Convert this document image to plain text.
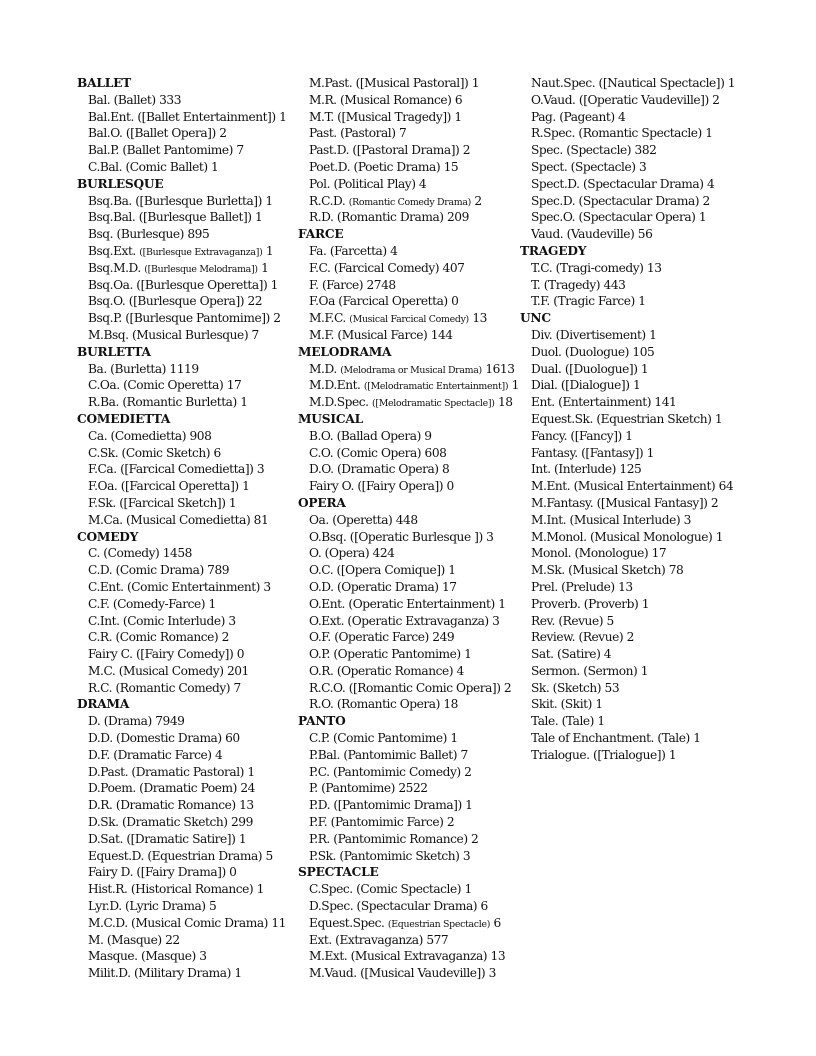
BALLET
Bal. (Ballet) 333
Bal.Ent. ([Ballet Entertainment]) 1
Bal.O. ([Ballet Opera]) 2
Bal.P. (Ballet Pantomime) 7
C.Bal. (Comic Ballet) 1
BURLESQUE
Bsq.Ba. ([Burlesque Burletta]) 1
Bsq.Bal. ([Burlesque Ballet]) 1
Bsq. (Burlesque) 895
Bsq.Ext. ([Burlesque Extravaganza]) 1
Bsq.M.D. ([Burlesque Melodrama]) 1
Bsq.Oa. ([Burlesque Operetta]) 1
Bsq.O. ([Burlesque Opera]) 22
Bsq.P. ([Burlesque Pantomime]) 2
M.Bsq. (Musical Burlesque) 7
BURLETTA
Ba. (Burletta) 1119
C.Oa. (Comic Operetta) 17
R.Ba. (Romantic Burletta) 1
COMEDIETTA
Ca. (Comedietta) 908
C.Sk. (Comic Sketch) 6
F.Ca. ([Farcical Comedietta]) 3
F.Oa. ([Farcical Operetta]) 1
F.Sk. ([Farcical Sketch]) 1
M.Ca. (Musical Comedietta) 81
COMEDY
C. (Comedy) 1458
C.D. (Comic Drama) 789
C.Ent. (Comic Entertainment) 3
C.F. (Comedy-Farce) 1
C.Int. (Comic Interlude) 3
C.R. (Comic Romance) 2
Fairy C. ([Fairy Comedy]) 0
M.C. (Musical Comedy) 201
R.C. (Romantic Comedy) 7
DRAMA
D. (Drama) 7949
D.D. (Domestic Drama) 60
D.F. (Dramatic Farce) 4
D.Past. (Dramatic Pastoral) 1
D.Poem. (Dramatic Poem) 24
D.R. (Dramatic Romance) 13
D.Sk. (Dramatic Sketch) 299
D.Sat. ([Dramatic Satire]) 1
Equest.D. (Equestrian Drama) 5
Fairy D. ([Fairy Drama]) 0
Hist.R. (Historical Romance) 1
Lyr.D. (Lyric Drama) 5
M.C.D. (Musical Comic Drama) 11
M. (Masque) 22
Masque. (Masque) 3
Milit.D. (Military Drama) 1
M.Past. ([Musical Pastoral]) 1
M.R. (Musical Romance) 6
M.T. ([Musical Tragedy]) 1
Past. (Pastoral) 7
Past.D. ([Pastoral Drama]) 2
Poet.D. (Poetic Drama) 15
Pol. (Political Play) 4
R.C.D. (Romantic Comedy Drama) 2
R.D. (Romantic Drama) 209
FARCE
Fa. (Farcetta) 4
F.C. (Farcical Comedy) 407
F. (Farce) 2748
F.Oa (Farcical Operetta) 0
M.F.C. (Musical Farcical Comedy) 13
M.F. (Musical Farce) 144
MELODRAMA
M.D. (Melodrama or Musical Drama) 1613
M.D.Ent. ([Melodramatic Entertainment]) 1
M.D.Spec. ([Melodramatic Spectacle]) 18
MUSICAL
B.O. (Ballad Opera) 9
C.O. (Comic Opera) 608
D.O. (Dramatic Opera) 8
Fairy O. ([Fairy Opera]) 0
OPERA
Oa. (Operetta) 448
O.Bsq. ([Operatic Burlesque ]) 3
O. (Opera) 424
O.C. ([Opera Comique]) 1
O.D. (Operatic Drama) 17
O.Ent. (Operatic Entertainment) 1
O.Ext. (Operatic Extravaganza) 3
O.F. (Operatic Farce) 249
O.P. (Operatic Pantomime) 1
O.R. (Operatic Romance) 4
R.C.O. ([Romantic Comic Opera]) 2
R.O. (Romantic Opera) 18
PANTO
C.P. (Comic Pantomime) 1
P.Bal. (Pantomimic Ballet) 7
P.C. (Pantomimic Comedy) 2
P. (Pantomime) 2522
P.D. ([Pantomimic Drama]) 1
P.F. (Pantomimic Farce) 2
P.R. (Pantomimic Romance) 2
P.Sk. (Pantomimic Sketch) 3
SPECTACLE
C.Spec. (Comic Spectacle) 1
D.Spec. (Spectacular Drama) 6
Equest.Spec. (Equestrian Spectacle) 6
Ext. (Extravaganza) 577
M.Ext. (Musical Extravaganza) 13
M.Vaud. ([Musical Vaudeville]) 3
Naut.Spec. ([Nautical Spectacle]) 1
O.Vaud. ([Operatic Vaudeville]) 2
Pag. (Pageant) 4
R.Spec. (Romantic Spectacle) 1
Spec. (Spectacle) 382
Spect. (Spectacle) 3
Spect.D. (Spectacular Drama) 4
Spec.D. (Spectacular Drama) 2
Spec.O. (Spectacular Opera) 1
Vaud. (Vaudeville) 56
TRAGEDY
T.C. (Tragi-comedy) 13
T. (Tragedy) 443
T.F. (Tragic Farce) 1
UNC
Div. (Divertisement) 1
Duol. (Duologue) 105
Dual. ([Duologue]) 1
Dial. ([Dialogue]) 1
Ent. (Entertainment) 141
Equest.Sk. (Equestrian Sketch) 1
Fancy. ([Fancy]) 1
Fantasy. ([Fantasy]) 1
Int. (Interlude) 125
M.Ent. (Musical Entertainment) 64
M.Fantasy. ([Musical Fantasy]) 2
M.Int. (Musical Interlude) 3
M.Monol. (Musical Monologue) 1
Monol. (Monologue) 17
M.Sk. (Musical Sketch) 78
Prel. (Prelude) 13
Proverb. (Proverb) 1
Rev. (Revue) 5
Review. (Revue) 2
Sat. (Satire) 4
Sermon. (Sermon) 1
Sk. (Sketch) 53
Skit. (Skit) 1
Tale. (Tale) 1
Tale of Enchantment. (Tale) 1
Trialogue. ([Trialogue]) 1
